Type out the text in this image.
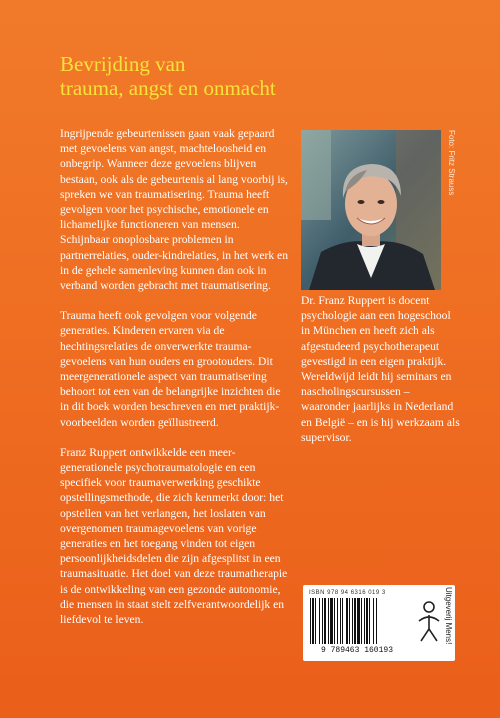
Bevrijding van
trauma, angst en onmacht

Ingrijpende gebeurtenissen gaan vaak gepaard met gevoelens van angst, machteloosheid en onbegrip. Wanneer deze gevoelens blijven bestaan, ook als de gebeurtenis al lang voorbij is, spreken we van traumatisering. Trauma heeft gevolgen voor het psychische, emotionele en lichamelijke functioneren van mensen. Schijnbaar onoplosbare problemen in partnerrelaties, ouder-kindrelaties, in het werk en in de gehele samenleving kunnen dan ook in verband worden gebracht met traumatisering.

Trauma heeft ook gevolgen voor volgende generaties. Kinderen ervaren via de hechtingsrelaties de onverwerkte trauma-gevoelens van hun ouders en grootouders. Dit meergenerationele aspect van traumatisering behoort tot een van de belangrijke inzichten die in dit boek worden beschreven en met praktijk-voorbeelden worden geïllustreerd.

Franz Ruppert ontwikkelde een meer-generationele psychotraumatologie en een specifiek voor traumaverwerking geschikte opstellingsmethode, die zich kenmerkt door: het opstellen van het verlangen, het loslaten van overgenomen traumagevoelens van vorige generaties en het toegang vinden tot eigen persoonlijkheidsdelen die zijn afgesplitst in een traumasituatie. Het doel van deze traumatherapie is de ontwikkeling van een gezonde autonomie, die mensen in staat stelt zelfverantwoordelijk en liefdevol te leven.

Foto: Fritz Strauss

Dr. Franz Ruppert is docent psychologie aan een hogeschool in München en heeft zich als afgestudeerd psychotherapeut gevestigd in een eigen praktijk. Wereldwijd leidt hij seminars en nascholingscursussen – waaronder jaarlijks in Nederland en België – en is hij werkzaam als supervisor.

ISBN 978 94 6316 019 3
9 789463 160193
Uitgeverij Mens!
